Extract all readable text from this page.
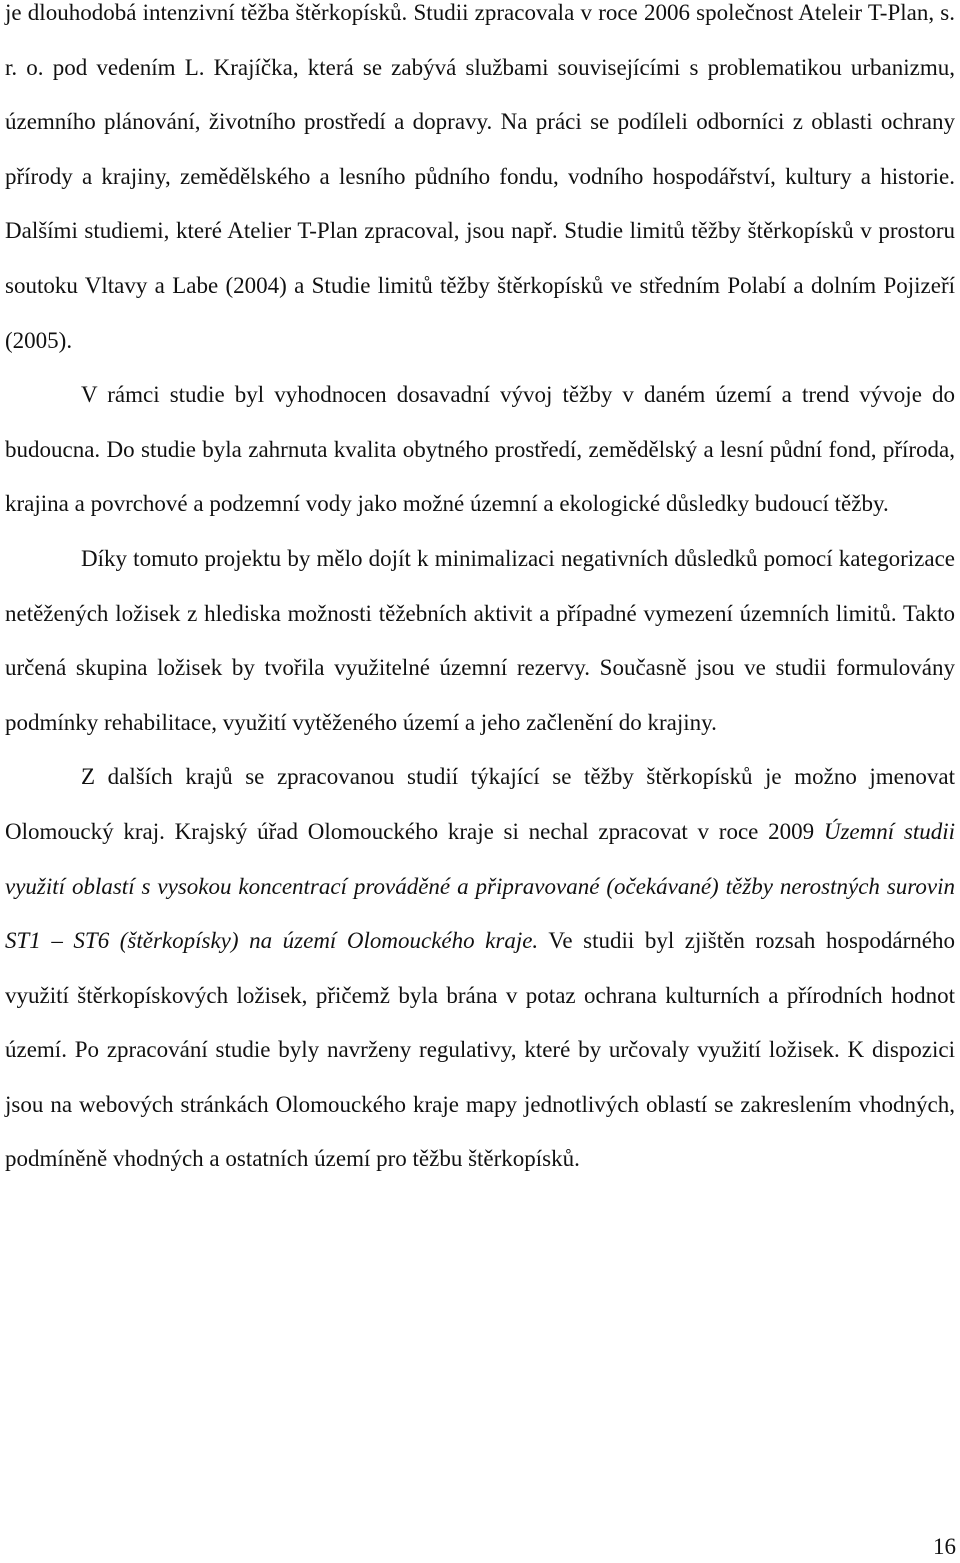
je dlouhodobá intenzivní těžba štěrkopísků. Studii zpracovala v roce 2006 společnost Ateleir T-Plan, s. r. o. pod vedením L. Krajíčka, která se zabývá službami souvisejícími s problematikou urbanizmu, územního plánování, životního prostředí a dopravy. Na práci se podíleli odborníci z oblasti ochrany přírody a krajiny, zemědělského a lesního půdního fondu, vodního hospodářství, kultury a historie. Dalšími studiemi, které Atelier T-Plan zpracoval, jsou např. Studie limitů těžby štěrkopísků v prostoru soutoku Vltavy a Labe (2004) a Studie limitů těžby štěrkopísků ve středním Polabí a dolním Pojizeří (2005).

V rámci studie byl vyhodnocen dosavadní vývoj těžby v daném území a trend vývoje do budoucna. Do studie byla zahrnuta kvalita obytného prostředí, zemědělský a lesní půdní fond, příroda, krajina a povrchové a podzemní vody jako možné územní a ekologické důsledky budoucí těžby.

Díky tomuto projektu by mělo dojít k minimalizaci negativních důsledků pomocí kategorizace netěžených ložisek z hlediska možnosti těžebních aktivit a případné vymezení územních limitů. Takto určená skupina ložisek by tvořila využitelné územní rezervy. Současně jsou ve studii formulovány podmínky rehabilitace, využití vytěženého území a jeho začlenění do krajiny.

Z dalších krajů se zpracovanou studií týkající se těžby štěrkopísků je možno jmenovat Olomoucký kraj. Krajský úřad Olomouckého kraje si nechal zpracovat v roce 2009 Územní studii využití oblastí s vysokou koncentrací prováděné a připravované (očekávané) těžby nerostných surovin ST1 – ST6 (štěrkopísky) na území Olomouckého kraje. Ve studii byl zjištěn rozsah hospodárného využití štěrkopískových ložisek, přičemž byla brána v potaz ochrana kulturních a přírodních hodnot území. Po zpracování studie byly navrženy regulativy, které by určovaly využití ložisek. K dispozici jsou na webových stránkách Olomouckého kraje mapy jednotlivých oblastí se zakreslením vhodných, podmíněně vhodných a ostatních území pro těžbu štěrkopísků.

16
